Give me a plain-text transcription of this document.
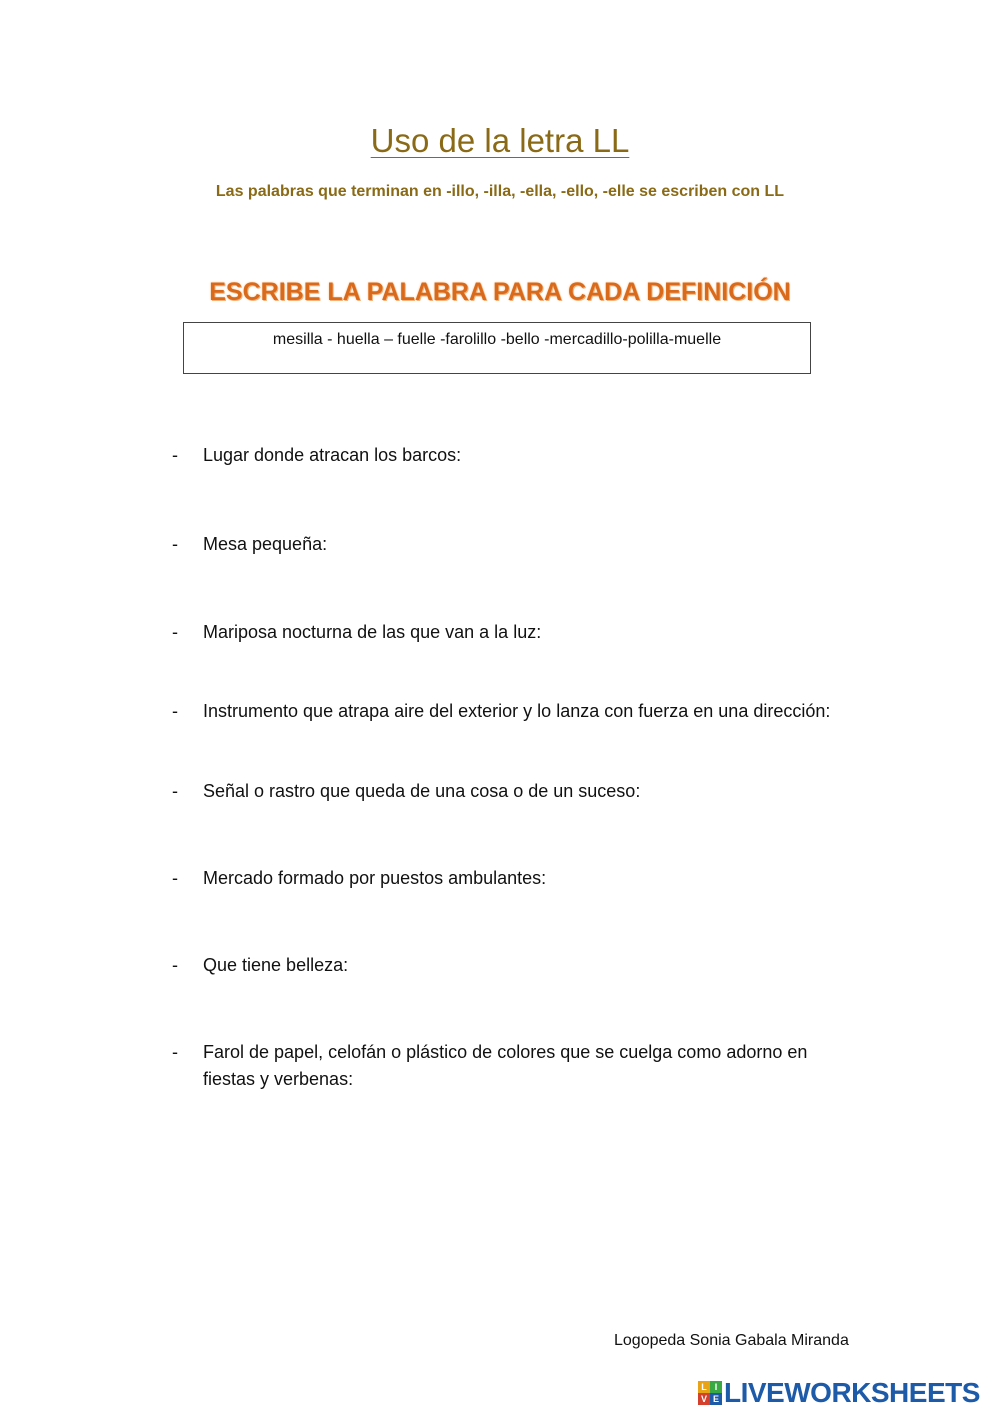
Uso de la letra LL
Las palabras que terminan en -illo, -illa, -ella, -ello, -elle se escriben con LL
ESCRIBE LA PALABRA PARA CADA DEFINICIÓN
mesilla - huella – fuelle -farolillo -bello -mercadillo-polilla-muelle
-	Lugar donde atracan los barcos:
-	Mesa pequeña:
-	Mariposa nocturna de las que van a la luz:
-	Instrumento que atrapa aire del exterior y lo lanza con fuerza en una dirección:
-	Señal o rastro que queda de una cosa o de un suceso:
-	Mercado formado por puestos ambulantes:
-	Que tiene belleza:
-	Farol de papel, celofán o plástico de colores que se cuelga como adorno en fiestas y verbenas:
Logopeda Sonia Gabala Miranda
L I
V E LIVEWORKSHEETS
